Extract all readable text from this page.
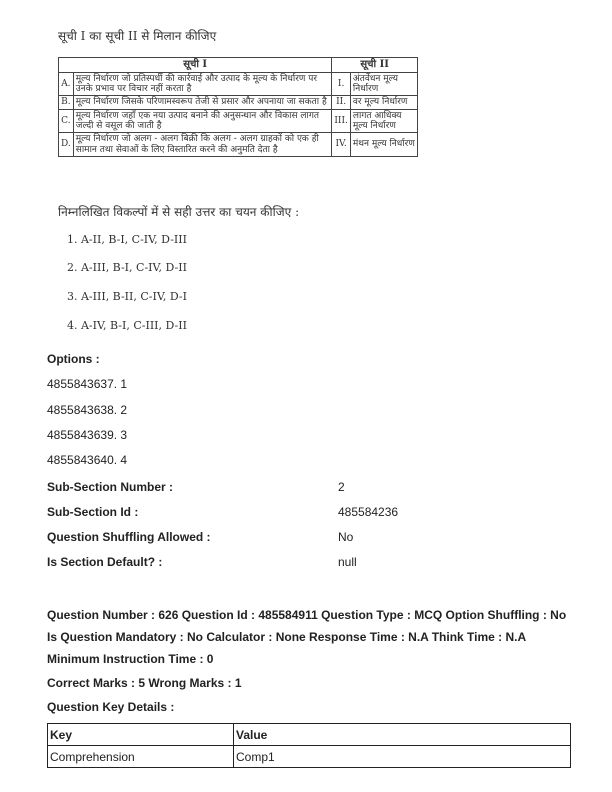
सूची I का सूची II से मिलान कीजिए
सूची I		सूची II	
A.	मूल्य निर्धारण जो प्रतिस्पर्धी की कार्रवाई और उत्पाद के मूल्य के निर्धारण पर उनके प्रभाव पर विचार नहीं करता है	I.	अंतर्वेधन मूल्य निर्धारण
B.	मूल्य निर्धारण जिसके परिणामस्वरूप तेजी से प्रसार और अपनाया जा सकता है	II.	वर मूल्य निर्धारण
C.	मूल्य निर्धारण जहाँ एक नया उत्पाद बनाने की अनुसन्धान और विकास लागत जल्दी से वसूल की जाती है	III.	लागत आधिक्य मूल्य निर्धारण
D.	मूल्य निर्धारण जो अलग - अलग बिक्री कि अलग - अलग ग्राहकों को एक ही सामान तथा सेवाओं के लिए विस्तारित करने की अनुमति देता है	IV.	मंथन मूल्य निर्धारण
निम्नलिखित विकल्पों में से सही उत्तर का चयन कीजिए :
1. A-II, B-I, C-IV, D-III
2. A-III, B-I, C-IV, D-II
3. A-III, B-II, C-IV, D-I
4. A-IV, B-I, C-III, D-II
Options :
4855843637. 1
4855843638. 2
4855843639. 3
4855843640. 4
Sub-Section Number :	2
Sub-Section Id :	485584236
Question Shuffling Allowed :	No
Is Section Default? :	null
Question Number : 626 Question Id : 485584911 Question Type : MCQ Option Shuffling : No Is Question Mandatory : No Calculator : None Response Time : N.A Think Time : N.A Minimum Instruction Time : 0
Correct Marks : 5 Wrong Marks : 1
Question Key Details :
Key	Value
Comprehension	Comp1
